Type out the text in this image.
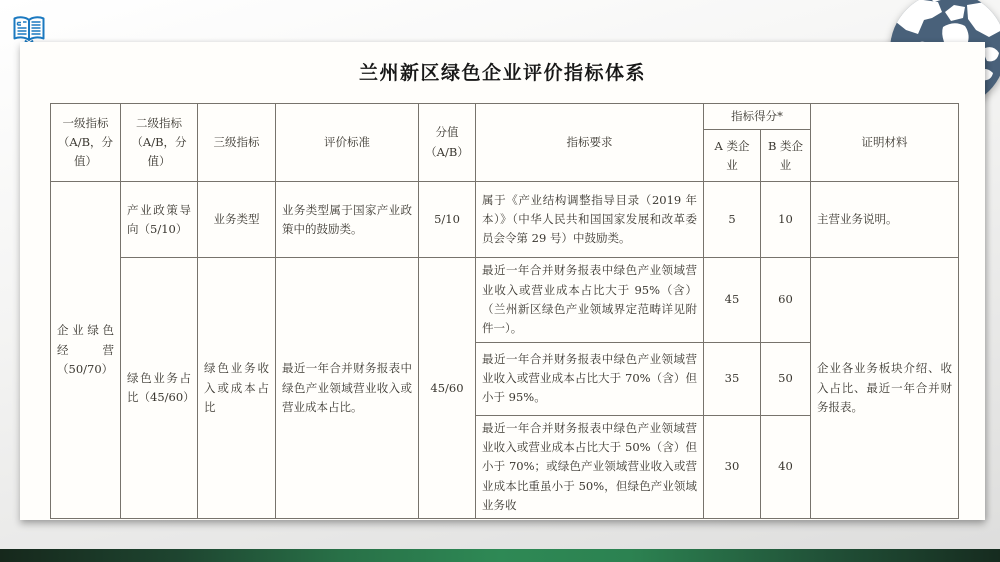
兰州新区绿色企业评价指标体系
一级指标（A/B，分值）	二级指标（A/B，分值）	三级指标	评价标准	分值（A/B）	指标要求	指标得分*		证明材料
						A 类企业	B 类企业	
企业绿色经营（50/70）	产业政策导向（5/10）	业务类型	业务类型属于国家产业政策中的鼓励类。	5/10	属于《产业结构调整指导目录（2019 年本）》（中华人民共和国国家发展和改革委员会令第 29 号）中鼓励类。	5	10	主营业务说明。
	绿色业务占比（45/60）	绿色业务收入或成本占比	最近一年合并财务报表中绿色产业领域营业收入或营业成本占比。	45/60	最近一年合并财务报表中绿色产业领域营业收入或营业成本占比大于 95%（含）（兰州新区绿色产业领域界定范畴详见附件一）。	45	60	企业各业务板块介绍、收入占比、最近一年合并财务报表。
					最近一年合并财务报表中绿色产业领域营业收入或营业成本占比大于 70%（含）但小于 95%。	35	50	
					最近一年合并财务报表中绿色产业领域营业收入或营业成本占比大于 50%（含）但小于 70%；或绿色产业领域营业收入或营业成本比重虽小于 50%，但绿色产业领域业务收	30	40	
